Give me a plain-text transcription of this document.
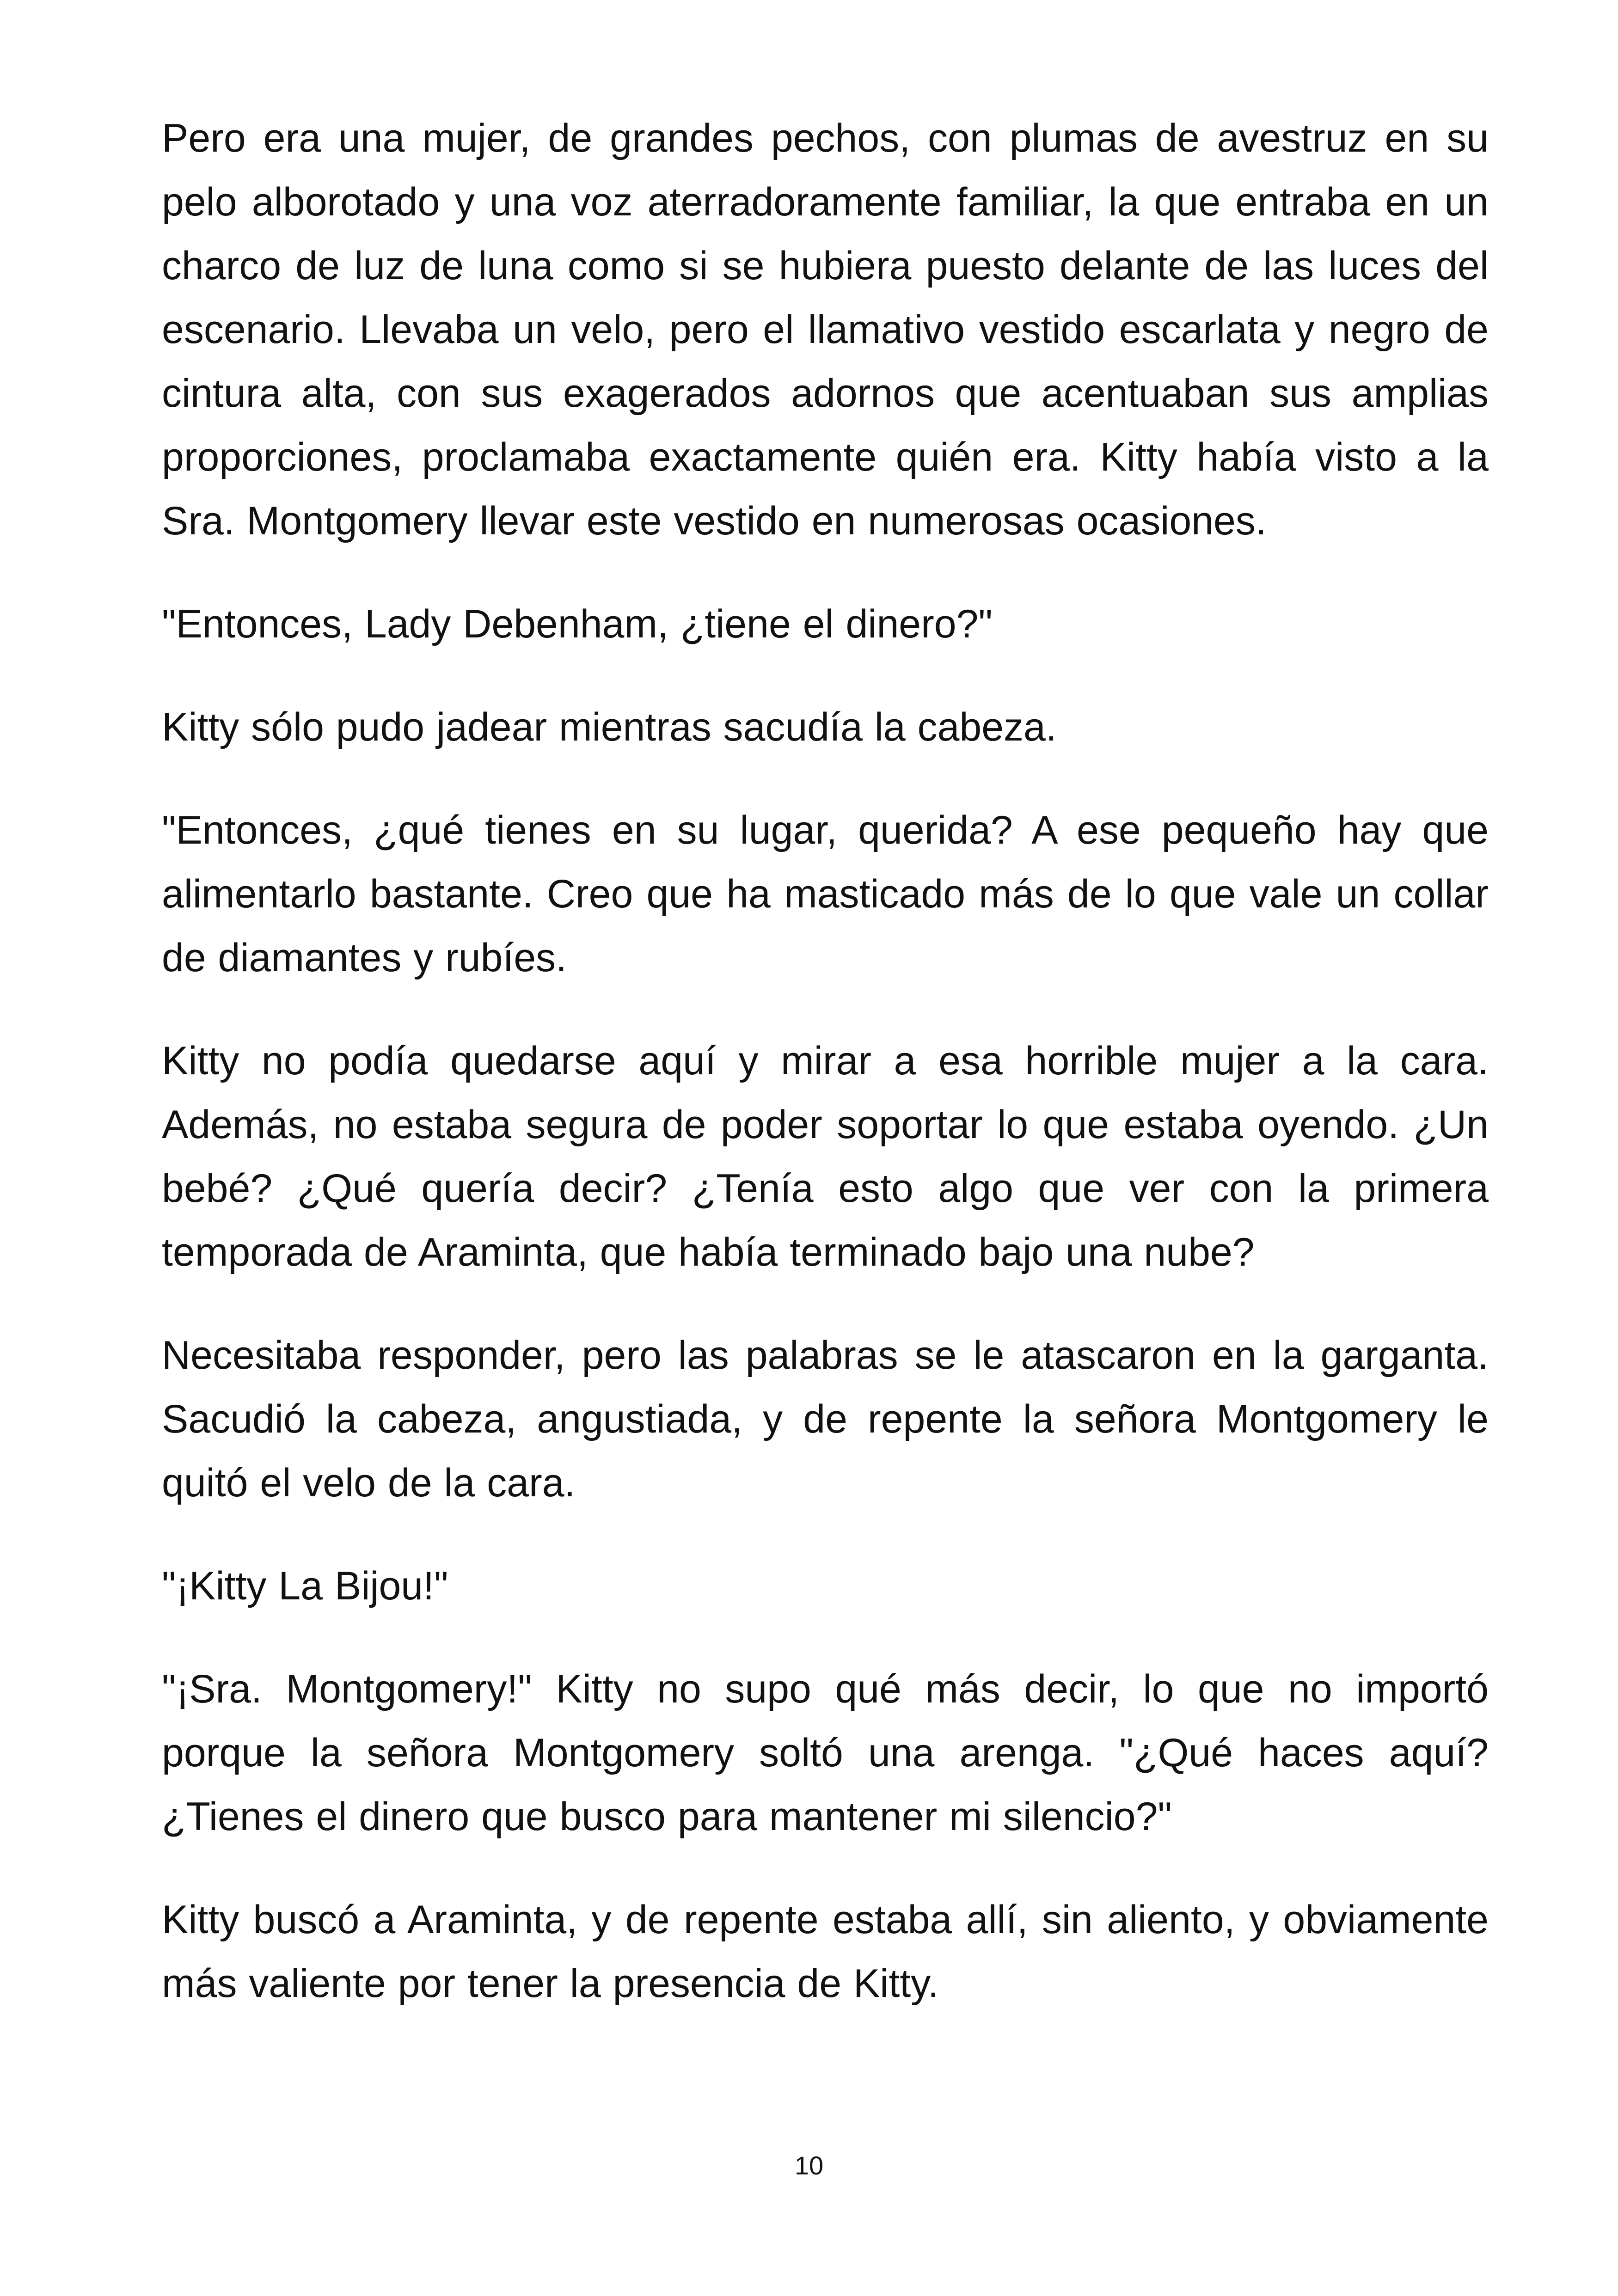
Pero era una mujer, de grandes pechos, con plumas de avestruz en su pelo alborotado y una voz aterradoramente familiar, la que entraba en un charco de luz de luna como si se hubiera puesto delante de las luces del escenario. Llevaba un velo, pero el llamativo vestido escarlata y negro de cintura alta, con sus exagerados adornos que acentuaban sus amplias proporciones, proclamaba exactamente quién era. Kitty había visto a la Sra. Montgomery llevar este vestido en numerosas ocasiones.

"Entonces, Lady Debenham, ¿tiene el dinero?"

Kitty sólo pudo jadear mientras sacudía la cabeza.

"Entonces, ¿qué tienes en su lugar, querida? A ese pequeño hay que alimentarlo bastante. Creo que ha masticado más de lo que vale un collar de diamantes y rubíes.

Kitty no podía quedarse aquí y mirar a esa horrible mujer a la cara. Además, no estaba segura de poder soportar lo que estaba oyendo. ¿Un bebé? ¿Qué quería decir? ¿Tenía esto algo que ver con la primera temporada de Araminta, que había terminado bajo una nube?

Necesitaba responder, pero las palabras se le atascaron en la garganta. Sacudió la cabeza, angustiada, y de repente la señora Montgomery le quitó el velo de la cara.

"¡Kitty La Bijou!"

"¡Sra. Montgomery!" Kitty no supo qué más decir, lo que no importó porque la señora Montgomery soltó una arenga. "¿Qué haces aquí? ¿Tienes el dinero que busco para mantener mi silencio?"

Kitty buscó a Araminta, y de repente estaba allí, sin aliento, y obviamente más valiente por tener la presencia de Kitty.

10
